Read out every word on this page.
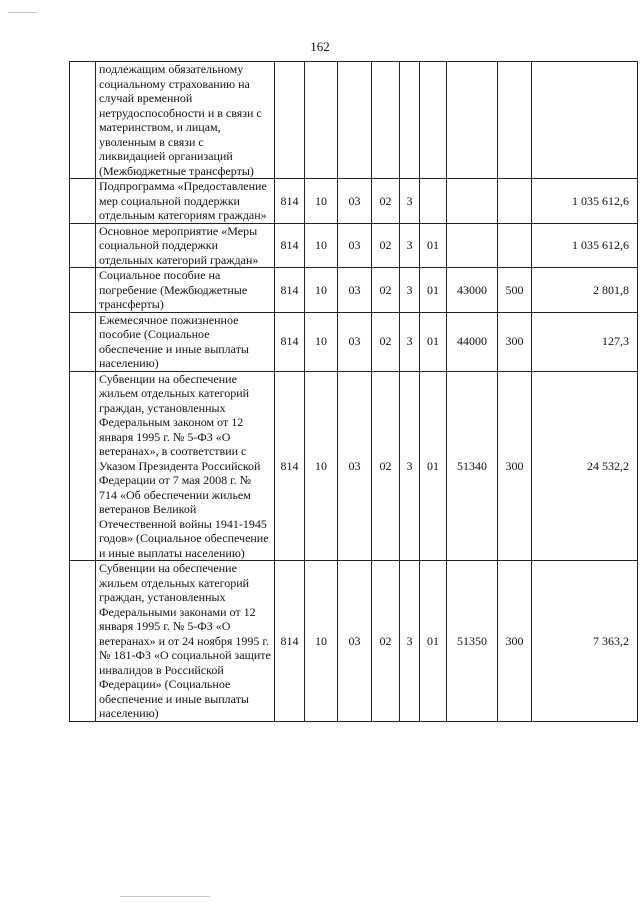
162
	подлежащим обязательному социальному страхованию на случай временной нетрудоспособности и в связи с материнством, и лицам, уволенным в связи с ликвидацией организаций (Межбюджетные трансферты)									
	Подпрограмма «Предоставление мер социальной поддержки отдельным категориям граждан»	814	10	03	02	3				1 035 612,6
	Основное мероприятие «Меры социальной поддержки отдельных категорий граждан»	814	10	03	02	3	01			1 035 612,6
	Социальное пособие на погребение (Межбюджетные трансферты)	814	10	03	02	3	01	43000	500	2 801,8
	Ежемесячное пожизненное пособие (Социальное обеспечение и иные выплаты населению)	814	10	03	02	3	01	44000	300	127,3
	Субвенции на обеспечение жильем отдельных категорий граждан, установленных Федеральным законом от 12 января 1995 г. № 5-ФЗ «О ветеранах», в соответствии с Указом Президента Российской Федерации от 7 мая 2008 г. № 714 «Об обеспечении жильем ветеранов Великой Отечественной войны 1941-1945 годов» (Социальное обеспечение и иные выплаты населению)	814	10	03	02	3	01	51340	300	24 532,2
	Субвенции на обеспечение жильем отдельных категорий граждан, установленных Федеральными законами от 12 января 1995 г. № 5-ФЗ «О ветеранах» и от 24 ноября 1995 г. № 181-ФЗ «О социальной защите инвалидов в Российской Федерации» (Социальное обеспечение и иные выплаты населению)	814	10	03	02	3	01	51350	300	7 363,2
